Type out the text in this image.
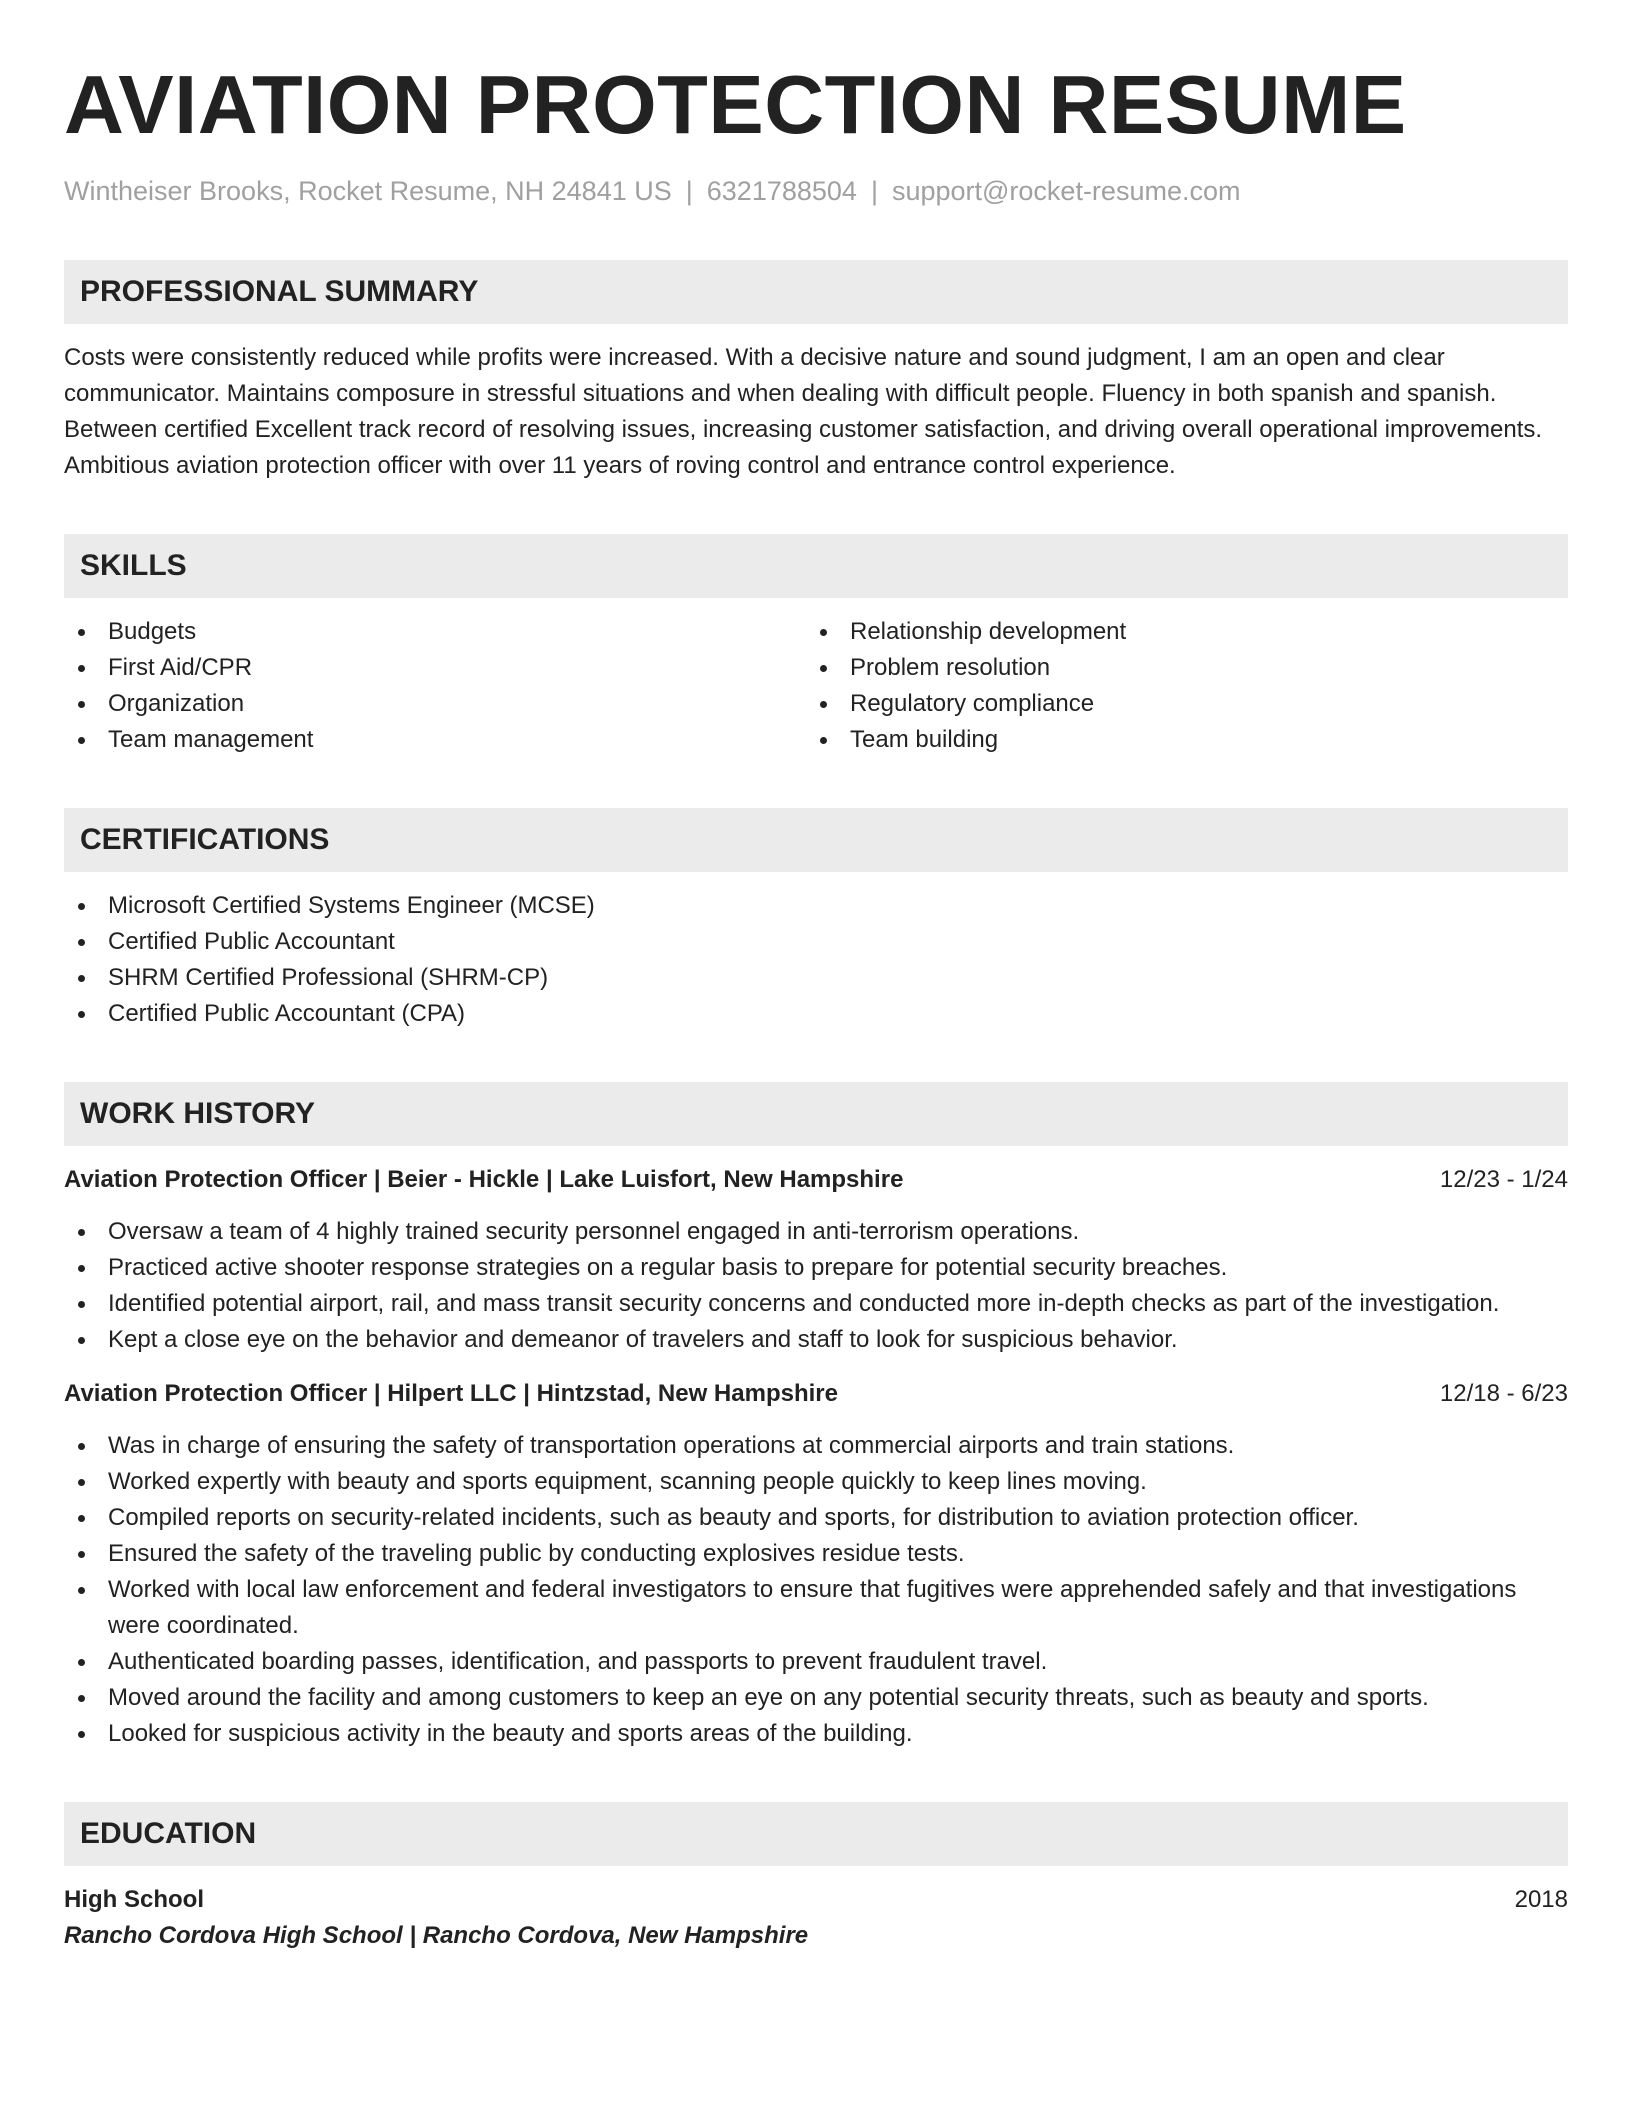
AVIATION PROTECTION RESUME
Wintheiser Brooks, Rocket Resume, NH 24841 US | 6321788504 | support@rocket-resume.com
PROFESSIONAL SUMMARY

Costs were consistently reduced while profits were increased. With a decisive nature and sound judgment, I am an open and clear communicator. Maintains composure in stressful situations and when dealing with difficult people. Fluency in both spanish and spanish. Between certified Excellent track record of resolving issues, increasing customer satisfaction, and driving overall operational improvements. Ambitious aviation protection officer with over 11 years of roving control and entrance control experience.

SKILLS
Budgets
First Aid/CPR
Organization
Team management
Relationship development
Problem resolution
Regulatory compliance
Team building
CERTIFICATIONS
Microsoft Certified Systems Engineer (MCSE)
Certified Public Accountant
SHRM Certified Professional (SHRM-CP)
Certified Public Accountant (CPA)
WORK HISTORY
Aviation Protection Officer | Beier - Hickle | Lake Luisfort, New Hampshire	12/23 - 1/24
Oversaw a team of 4 highly trained security personnel engaged in anti-terrorism operations.
Practiced active shooter response strategies on a regular basis to prepare for potential security breaches.
Identified potential airport, rail, and mass transit security concerns and conducted more in-depth checks as part of the investigation.
Kept a close eye on the behavior and demeanor of travelers and staff to look for suspicious behavior.
Aviation Protection Officer | Hilpert LLC | Hintzstad, New Hampshire	12/18 - 6/23
Was in charge of ensuring the safety of transportation operations at commercial airports and train stations.
Worked expertly with beauty and sports equipment, scanning people quickly to keep lines moving.
Compiled reports on security-related incidents, such as beauty and sports, for distribution to aviation protection officer.
Ensured the safety of the traveling public by conducting explosives residue tests.
Worked with local law enforcement and federal investigators to ensure that fugitives were apprehended safely and that investigations were coordinated.
Authenticated boarding passes, identification, and passports to prevent fraudulent travel.
Moved around the facility and among customers to keep an eye on any potential security threats, such as beauty and sports.
Looked for suspicious activity in the beauty and sports areas of the building.
EDUCATION
High School	2018
Rancho Cordova High School | Rancho Cordova, New Hampshire
